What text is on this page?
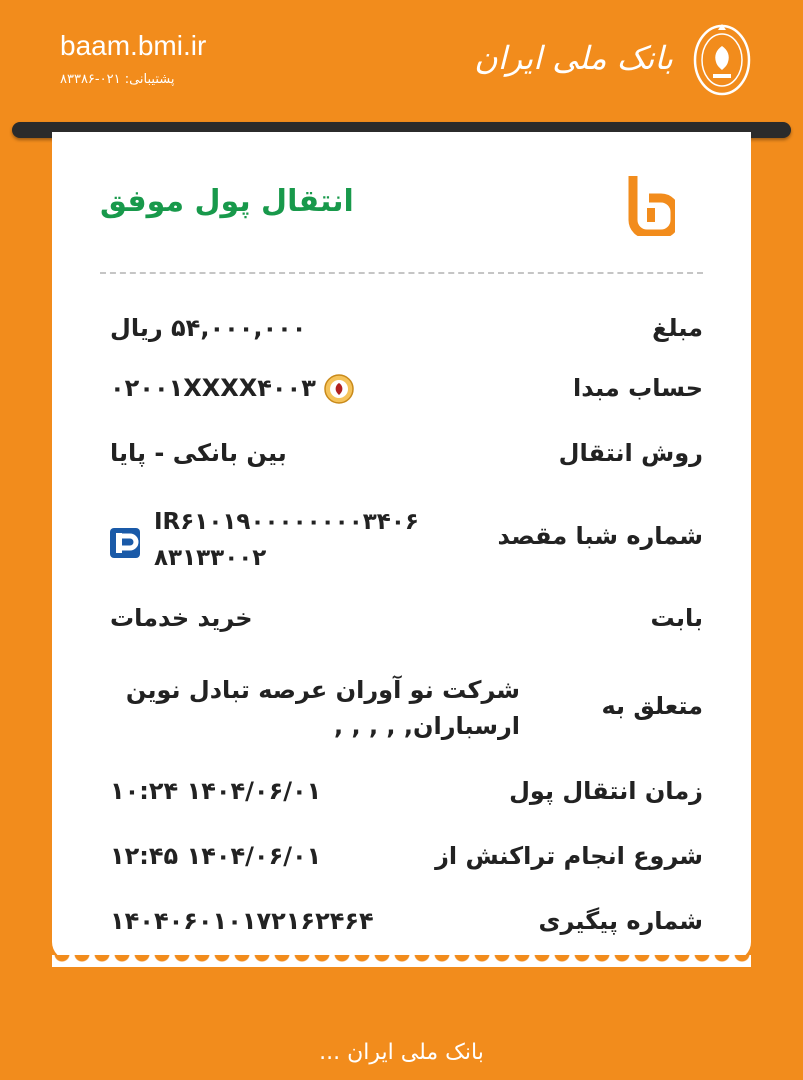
baam.bmi.ir
پشتیبانی: ۰۲۱-۸۳۳۸۶
بانک ملی ایران
انتقال پول موفق
مبلغ
۵۴,۰۰۰,۰۰۰ ریال
حساب مبدا
۰۲۰۰۱XXXX۴۰۰۳
روش انتقال
بین بانکی - پایا
شماره شبا مقصد
IR۶۱۰۱۹۰۰۰۰۰۰۰۰۳۴۰۶۸۳۱۳۳۰۰۲
بابت
خرید خدمات
متعلق به
شرکت نو آوران عرصه تبادل نوین ارسباران, , , , ,
زمان انتقال پول
۱۴۰۴/۰۶/۰۱ ۱۰:۲۴
شروع انجام تراکنش از
۱۴۰۴/۰۶/۰۱ ۱۲:۴۵
شماره پیگیری
۱۴۰۴۰۶۰۱۰۱۷۲۱۶۲۴۶۴
بانک ملی ایران ...
